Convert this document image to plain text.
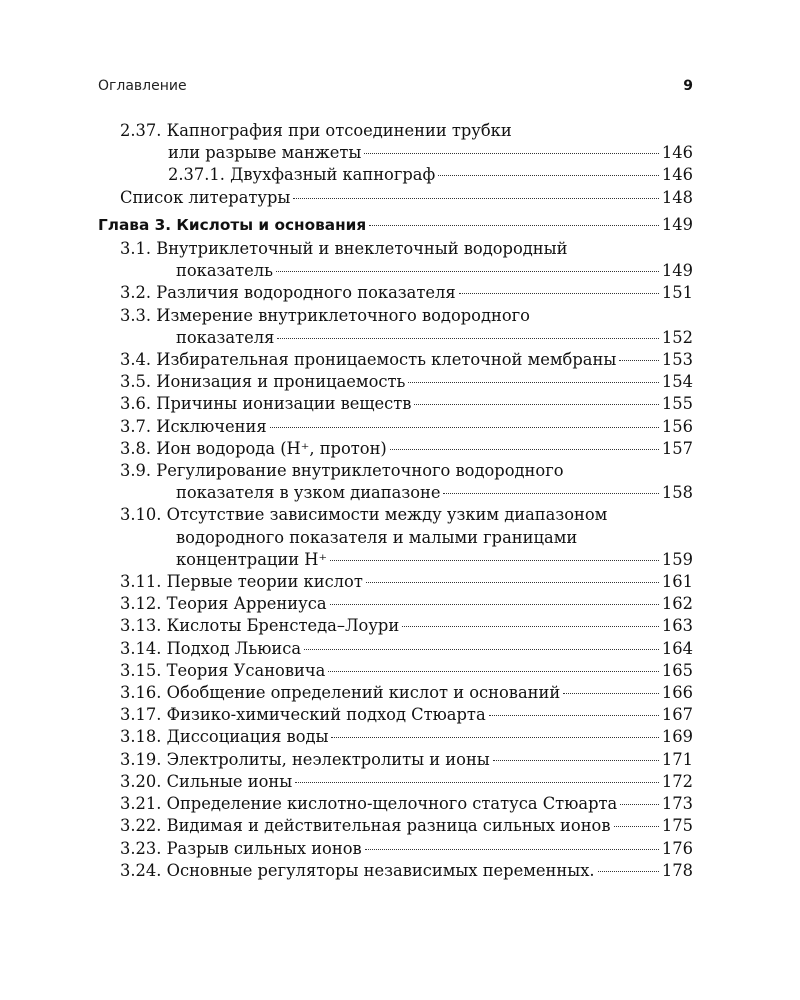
Оглавление	9
2.37. Капнография при отсоединении трубки
или разрыве манжеты	146
2.37.1. Двухфазный капнограф	146
Список литературы	148
Глава 3. Кислоты и основания	149
3.1. Внутриклеточный и внеклеточный водородный
показатель	149
3.2. Различия водородного показателя	151
3.3. Измерение внутриклеточного водородного
показателя	152
3.4. Избирательная проницаемость клеточной мембраны	153
3.5. Ионизация и проницаемость	154
3.6. Причины ионизации веществ	155
3.7. Исключения	156
3.8. Ион водорода (H⁺, протон)	157
3.9. Регулирование внутриклеточного водородного
показателя в узком диапазоне	158
3.10. Отсутствие зависимости между узким диапазоном
водородного показателя и малыми границами
концентрации H⁺	159
3.11. Первые теории кислот	161
3.12. Теория Аррениуса	162
3.13. Кислоты Бренстеда–Лоури	163
3.14. Подход Льюиса	164
3.15. Теория Усановича	165
3.16. Обобщение определений кислот и оснований	166
3.17. Физико-химический подход Стюарта	167
3.18. Диссоциация воды	169
3.19. Электролиты, неэлектролиты и ионы	171
3.20. Сильные ионы	172
3.21. Определение кислотно-щелочного статуса Стюарта	173
3.22. Видимая и действительная разница сильных ионов	175
3.23. Разрыв сильных ионов	176
3.24. Основные регуляторы независимых переменных.	178
